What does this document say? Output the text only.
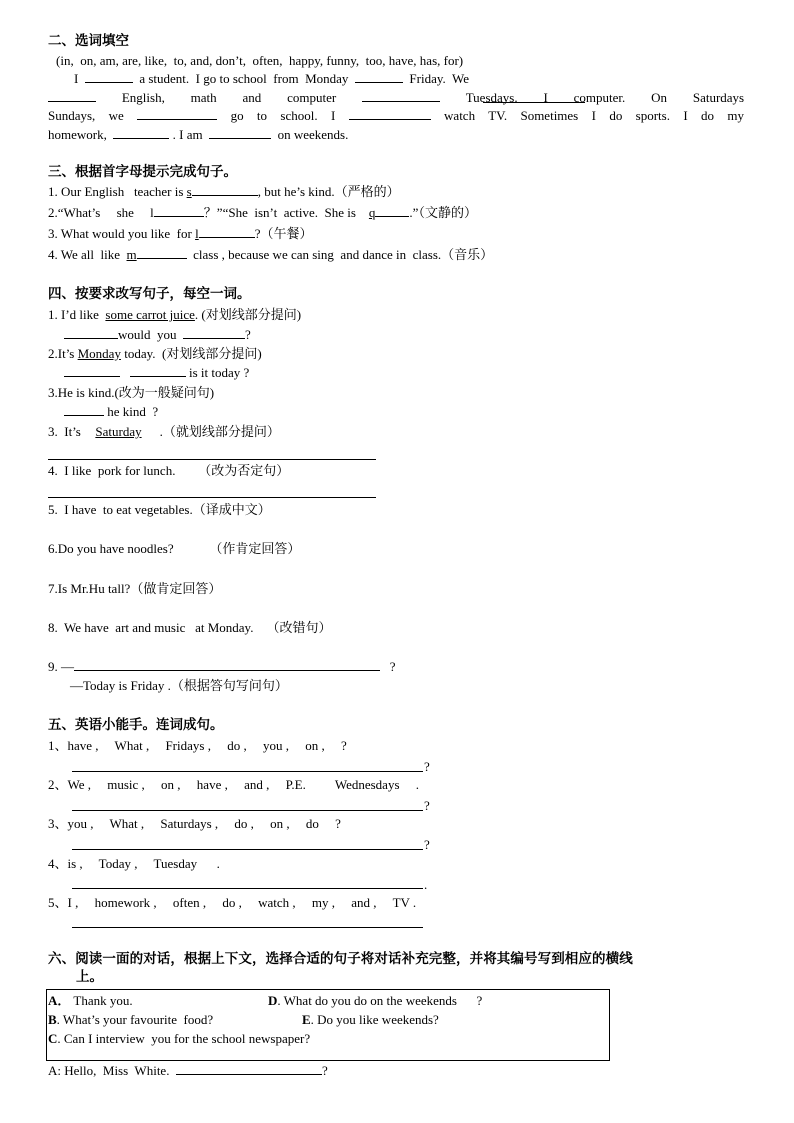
二、选词填空
(in,  on, am, are, like,  to, and, don’t,  often,  happy, funny,  too, have, has, for)
I	a student.  I go to school  from  Monday	Friday.  We
English, math and computer	Tuesdays. I computer. On Saturdays
Sundays, we	go to school. I	watch TV. Sometimes I do sports. I do my
homework,	. I am	on weekends.
三、根据首字母提示完成句子。
1. Our English   teacher is s	, but he’s kind.（严格的）
2.“What’s     she     l	？”“She  isn’t  active.  She is q	.”（文静的）
3. What would you like  for l	?（午餐）
4. We all  like m	class , because we can sing  and dance in  class.（音乐）
四、按要求改写句子，每空一词。
1. I’d like some carrot juice. (对划线部分提问)
would  you	?
2.It’s Monday today.  (对划线部分提问)
is it today ?
3.He is kind.(改为一般疑问句)
he kind  ?
3.  It’s Saturday .（就划线部分提问）
4.  I like  pork for lunch.       （改为否定句）
5.  I have  to eat vegetables.（译成中文）
6.Do you have noodles?           （作肯定回答）
7.Is Mr.Hu tall?（做肯定回答）
8.  We have  art and music   at Monday.    （改错句）
9. —	?
—Today is Friday .（根据答句写问句）
五、英语小能手。连词成句。
1、have ,     What ,     Fridays ,     do ,     you ,     on ,     ?
?
2、We ,     music ,     on ,     have ,     and ,     P.E.         Wednesdays     .
?
3、you ,     What ,     Saturdays ,     do ,     on ,     do     ?
?
4、is ,     Today ,     Tuesday      .
.
5、I ,     homework ,     often ,     do ,     watch ,     my ,     and ,     TV .
六、阅读一面的对话，根据上下文，选择合适的句子将对话补充完整，并将其编号写到相应的横线
上。
A． Thank you.	D. What do you do on the weekends      ?
B. What’s your favourite  food?	E. Do you like weekends?
C. Can I interview  you for the school newspaper?
A: Hello,  Miss  White.	?
